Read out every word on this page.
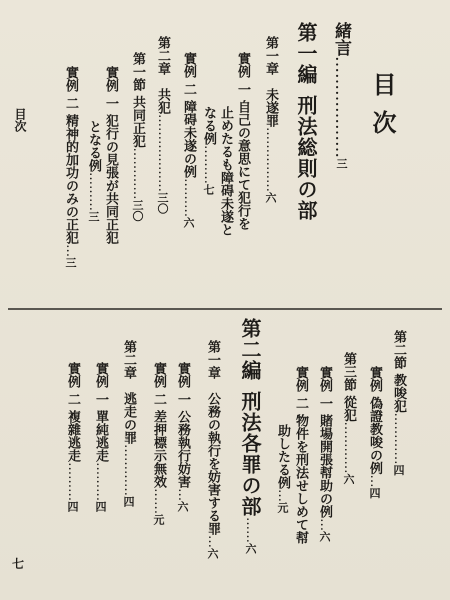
目次
七
目次
緒言………………三
第一編刑法総則の部
第一章　未遂罪……………六
實例 一 自己の意思にて犯行を
止めたるも障碍未遂と
なる例………七
實例 二 障碍未遂の例………六
第二章　共犯………………三〇
第一節 共同正犯…………三〇
實例 一 犯行の見張が共同正犯
となる例………三
實例 二 精神的加功のみの正犯…三
第二節 教唆犯…………四
實例 偽證教唆の例…四
第三節 從犯…………六
實例 一 賭場開張幇助の例…六
實例 二 物件を刑法せしめて幇
助したる例…元
第二編刑法各罪の部……六
第一章　公務の執行を妨害する罪…六
實例 一 公務執行妨害…六
實例 二 差押標示無效……元
第二章　逃走の罪…………四
實例 一 單純逃走………四
實例 二 複雜逃走………四
